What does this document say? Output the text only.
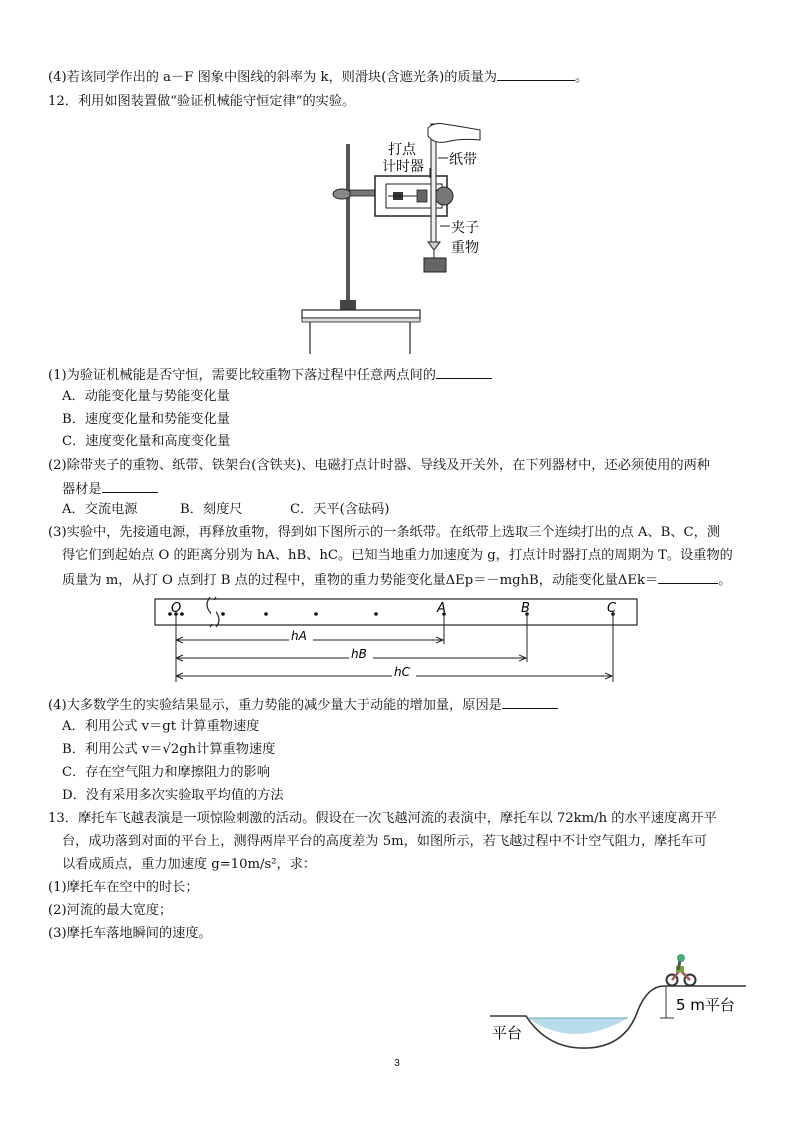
(4)若该同学作出的 a－F 图象中图线的斜率为 k，则滑块(含遮光条)的质量为	。
12．利用如图装置做“验证机械能守恒定律”的实验。
打点
计时器 纸带
夹子
重物
(1)为验证机械能是否守恒，需要比较重物下落过程中任意两点间的
A．动能变化量与势能变化量
B．速度变化量和势能变化量
C．速度变化量和高度变化量
(2)除带夹子的重物、纸带、铁架台(含铁夹)、电磁打点计时器、导线及开关外，在下列器材中，还必须使用的两种
器材是
A．交流电源	B．刻度尺	C．天平(含砝码)
(3)实验中，先接通电源，再释放重物，得到如下图所示的一条纸带。在纸带上选取三个连续打出的点 A、B、C，测
得它们到起始点 O 的距离分别为 hA、hB、hC。已知当地重力加速度为 g，打点计时器打点的周期为 T。设重物的
质量为 m，从打 O 点到打 B 点的过程中，重物的重力势能变化量ΔEp＝－mghB，动能变化量ΔEk＝	。
O	A	B	C
hA
hB
hC
(4)大多数学生的实验结果显示，重力势能的减少量大于动能的增加量，原因是
A．利用公式 v＝gt 计算重物速度
B．利用公式 v＝√2gh计算重物速度
C．存在空气阻力和摩擦阻力的影响
D．没有采用多次实验取平均值的方法
13．摩托车飞越表演是一项惊险刺激的活动。假设在一次飞越河流的表演中，摩托车以 72km/h 的水平速度离开平
台，成功落到对面的平台上，测得两岸平台的高度差为 5m，如图所示，若飞越过程中不计空气阻力，摩托车可
以看成质点，重力加速度 g=10m/s²，求：
(1)摩托车在空中的时长；
(2)河流的最大宽度；
(3)摩托车落地瞬间的速度。
平台
5 m平台
3
